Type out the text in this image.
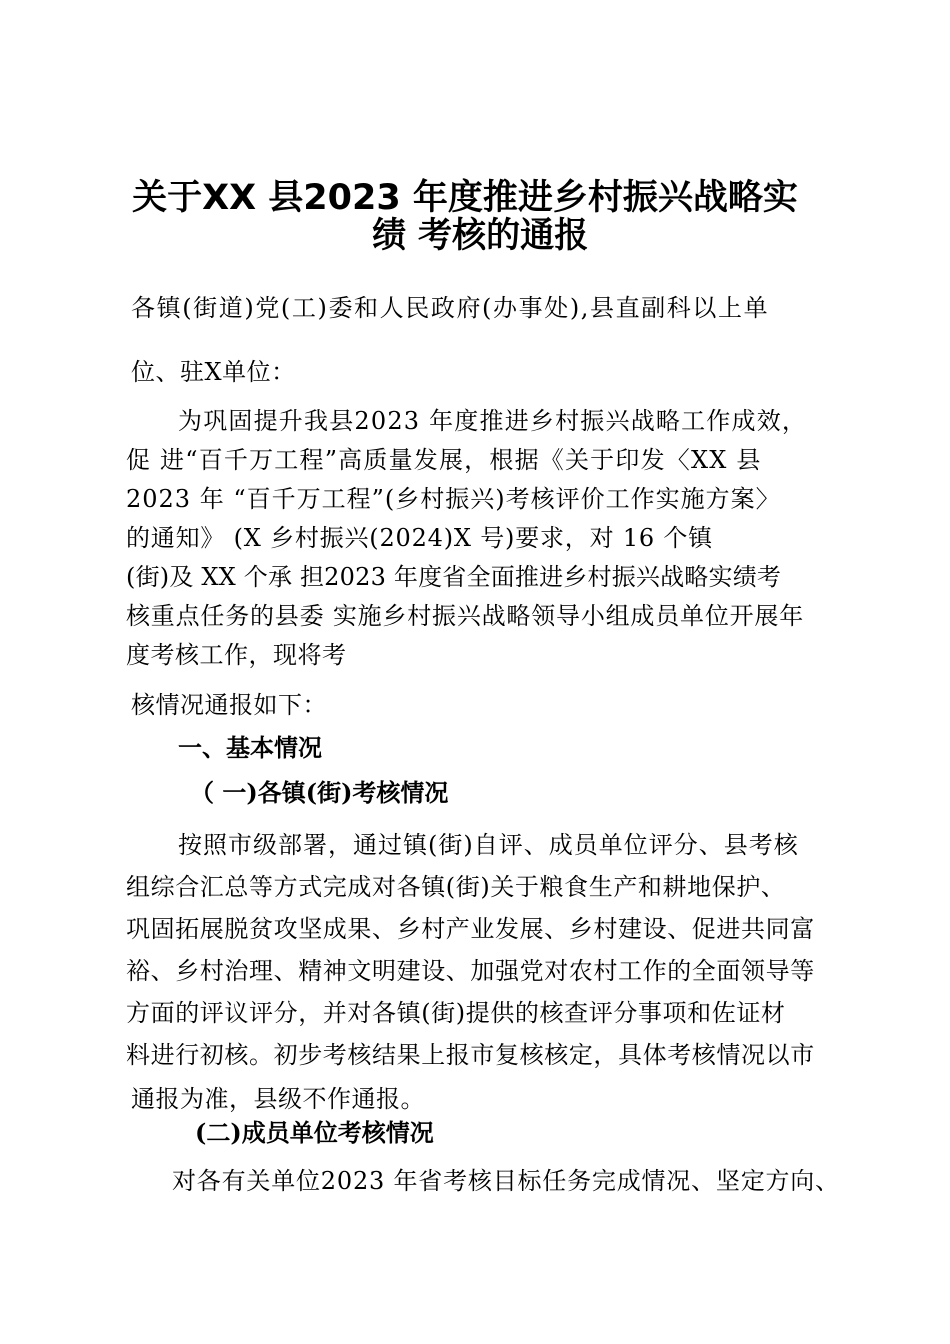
关于XX 县2023 年度推进乡村振兴战略实
绩 考核的通报
各镇(街道)党(工)委和人民政府(办事处),县直副科以上单
位、驻X单位：
为巩固提升我县2023 年度推进乡村振兴战略工作成效，
促 进“百千万工程”高质量发展，根据《关于印发〈XX 县
2023 年 “百千万工程”(乡村振兴)考核评价工作实施方案〉
的通知》 (X 乡村振兴(2024)X 号)要求，对 16 个镇
(街)及 XX 个承 担2023 年度省全面推进乡村振兴战略实绩考
核重点任务的县委 实施乡村振兴战略领导小组成员单位开展年
度考核工作，现将考
核情况通报如下：
一、基本情况
（ 一)各镇(街)考核情况
按照市级部署，通过镇(街)自评、成员单位评分、县考核
组综合汇总等方式完成对各镇(街)关于粮食生产和耕地保护、
巩固拓展脱贫攻坚成果、乡村产业发展、乡村建设、促进共同富
裕、乡村治理、精神文明建设、加强党对农村工作的全面领导等
方面的评议评分，并对各镇(街)提供的核查评分事项和佐证材
料进行初核。初步考核结果上报市复核核定，具体考核情况以市
通报为准，县级不作通报。
(二)成员单位考核情况
对各有关单位2023 年省考核目标任务完成情况、坚定方向、
